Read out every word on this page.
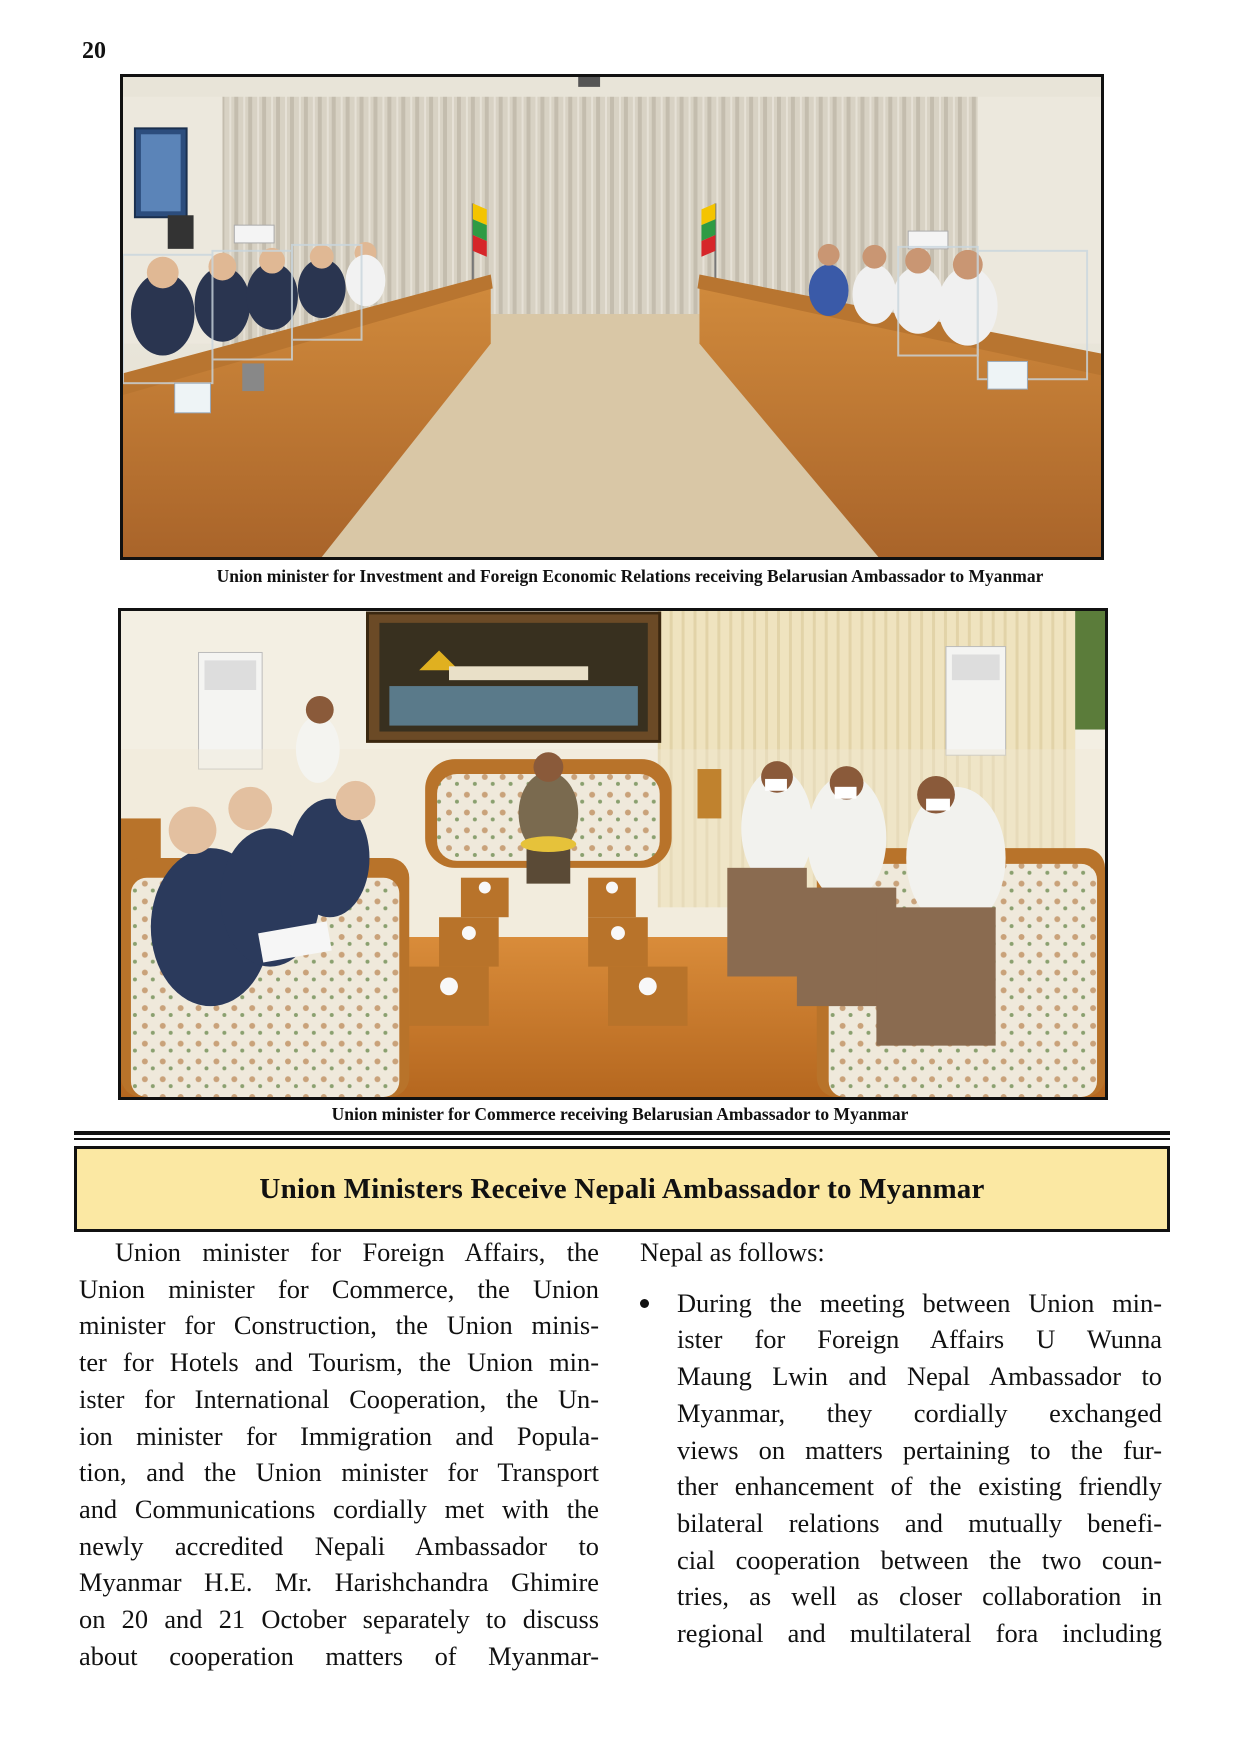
20
Union minister for Investment and Foreign Economic Relations receiving Belarusian Ambassador to Myanmar
Union minister for Commerce receiving Belarusian Ambassador to Myanmar
Union Ministers Receive Nepali Ambassador to Myanmar
Union minister for Foreign Affairs, the
Union minister for Commerce, the Union
minister for Construction, the Union minis-
ter for Hotels and Tourism, the Union min-
ister for International Cooperation, the Un-
ion minister for Immigration and Popula-
tion, and the Union minister for Transport
and Communications cordially met with the
newly accredited Nepali Ambassador to
Myanmar H.E. Mr. Harishchandra Ghimire
on 20 and 21 October separately to discuss
about cooperation matters of Myanmar-
Nepal as follows:
During the meeting between Union min-
ister for Foreign Affairs U Wunna
Maung Lwin and Nepal Ambassador to
Myanmar, they cordially exchanged
views on matters pertaining to the fur-
ther enhancement of the existing friendly
bilateral relations and mutually benefi-
cial cooperation between the two coun-
tries, as well as closer collaboration in
regional and multilateral fora including
